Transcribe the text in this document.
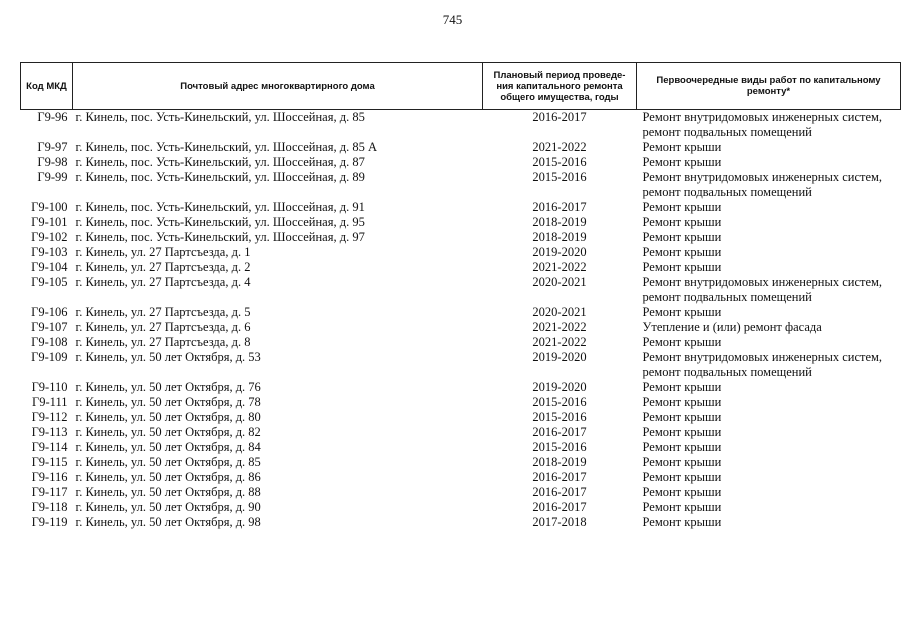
745
Код МКД	Почтовый адрес многоквартирного дома	Плановый период проведе-ния капитального ремонта общего имущества, годы	Первоочередные виды работ по капитальному ремонту*
Г9-96	г. Кинель, пос. Усть-Кинельский, ул. Шоссейная, д. 85	2016-2017	Ремонт внутридомовых инженерных систем, ремонт подвальных помещений
Г9-97	г. Кинель, пос. Усть-Кинельский, ул. Шоссейная, д. 85 А	2021-2022	Ремонт крыши
Г9-98	г. Кинель, пос. Усть-Кинельский, ул. Шоссейная, д. 87	2015-2016	Ремонт крыши
Г9-99	г. Кинель, пос. Усть-Кинельский, ул. Шоссейная, д. 89	2015-2016	Ремонт внутридомовых инженерных систем, ремонт подвальных помещений
Г9-100	г. Кинель, пос. Усть-Кинельский, ул. Шоссейная, д. 91	2016-2017	Ремонт крыши
Г9-101	г. Кинель, пос. Усть-Кинельский, ул. Шоссейная, д. 95	2018-2019	Ремонт крыши
Г9-102	г. Кинель, пос. Усть-Кинельский, ул. Шоссейная, д. 97	2018-2019	Ремонт крыши
Г9-103	г. Кинель, ул. 27 Партсъезда, д. 1	2019-2020	Ремонт крыши
Г9-104	г. Кинель, ул. 27 Партсъезда, д. 2	2021-2022	Ремонт крыши
Г9-105	г. Кинель, ул. 27 Партсъезда, д. 4	2020-2021	Ремонт внутридомовых инженерных систем, ремонт подвальных помещений
Г9-106	г. Кинель, ул. 27 Партсъезда, д. 5	2020-2021	Ремонт крыши
Г9-107	г. Кинель, ул. 27 Партсъезда, д. 6	2021-2022	Утепление и (или) ремонт фасада
Г9-108	г. Кинель, ул. 27 Партсъезда, д. 8	2021-2022	Ремонт крыши
Г9-109	г. Кинель, ул. 50 лет Октября, д. 53	2019-2020	Ремонт внутридомовых инженерных систем, ремонт подвальных помещений
Г9-110	г. Кинель, ул. 50 лет Октября, д. 76	2019-2020	Ремонт крыши
Г9-111	г. Кинель, ул. 50 лет Октября, д. 78	2015-2016	Ремонт крыши
Г9-112	г. Кинель, ул. 50 лет Октября, д. 80	2015-2016	Ремонт крыши
Г9-113	г. Кинель, ул. 50 лет Октября, д. 82	2016-2017	Ремонт крыши
Г9-114	г. Кинель, ул. 50 лет Октября, д. 84	2015-2016	Ремонт крыши
Г9-115	г. Кинель, ул. 50 лет Октября, д. 85	2018-2019	Ремонт крыши
Г9-116	г. Кинель, ул. 50 лет Октября, д. 86	2016-2017	Ремонт крыши
Г9-117	г. Кинель, ул. 50 лет Октября, д. 88	2016-2017	Ремонт крыши
Г9-118	г. Кинель, ул. 50 лет Октября, д. 90	2016-2017	Ремонт крыши
Г9-119	г. Кинель, ул. 50 лет Октября, д. 98	2017-2018	Ремонт крыши
